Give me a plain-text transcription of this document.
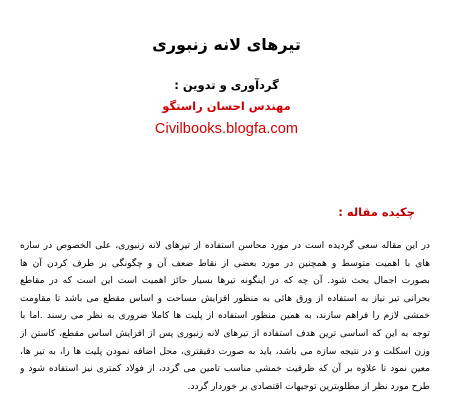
تیرهای لانه زنبوری
گردآوری و تدوین :
مهندس احسان راستگو
Civilbooks.blogfa.com
چکیده مقاله :
در این مقاله سعی گردیده است در مورد محاسن استفاده از تیرهای لانه زنبوری، علی الخصوص در سازه
های با اهمیت متوسط و همچنین در مورد بعضی از نقاط ضعف آن و چگونگی بر طرف کردن آن ها
بصورت اجمال بحث شود. آن چه که در اینگونه تیرها بسیار حائز اهمیت است این است که در مقاطع
بحرانی تیر نیاز به استفاده از ورق هائی به منظور افزایش مساحت و اساس مقطع می باشد تا مقاومت
خمشی لازم را فراهم سازند، به همین منظور استفاده از پلیت ها کاملا ضروری به نظر می رسند .اما با
توجه به این که اساسی ترین هدف استفاده از تیرهای لانه زنبوری پس از افزایش اساس مقطع، کاستن از
وزن اسکلت و در نتیجه سازه می باشد، باید به صورت دقیقتری، محل اضافه نمودن پلیت ها را، به تیر ها،
معین نمود تا علاوه بر آن که ظرفیت خمشی مناسب تامین می گردد، از فولاد کمتری نیز استفاده شود و
طرح مورد نظر از مطلوبترین توجیهات اقتصادی بر خوردار گردد.
